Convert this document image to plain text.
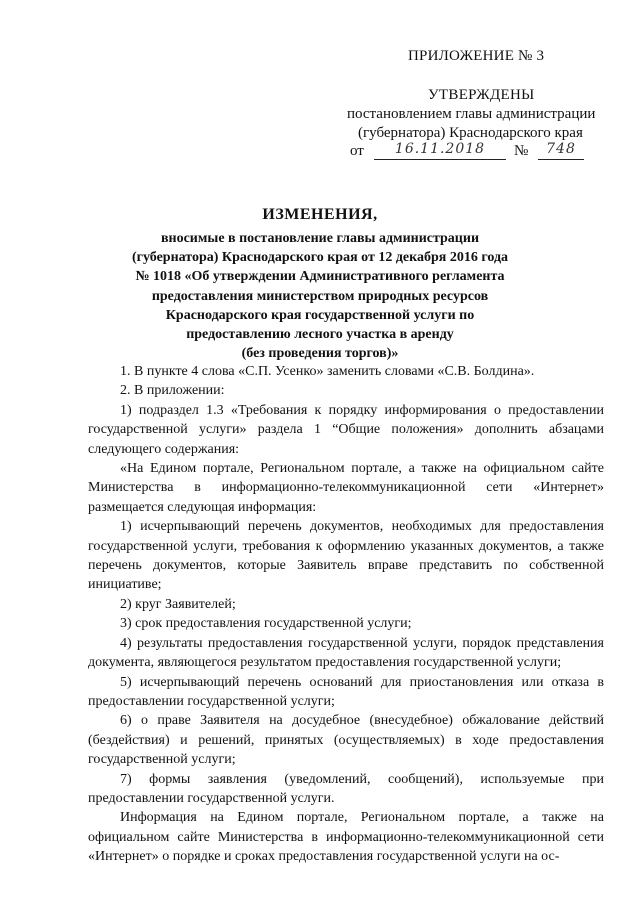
ПРИЛОЖЕНИЕ № 3
УТВЕРЖДЕНЫ
постановлением главы администрации
(губернатора) Краснодарского края
от	16.11.2018	№	748
ИЗМЕНЕНИЯ,
вносимые в постановление главы администрации
(губернатора) Краснодарского края от 12 декабря 2016 года
№ 1018 «Об утверждении Административного регламента
предоставления министерством природных ресурсов
Краснодарского края государственной услуги по
предоставлению лесного участка в аренду
(без проведения торгов)»

1. В пункте 4 слова «С.П. Усенко» заменить словами «С.В. Болдина».

2. В приложении:

1) подраздел 1.3 «Требования к порядку информирования о предоставлении государственной услуги» раздела 1 “Общие положения» дополнить абзацами следующего содержания:

«На Едином портале, Региональном портале, а также на официальном сайте Министерства в информационно-телекоммуникационной сети «Интернет» размещается следующая информация:

1) исчерпывающий перечень документов, необходимых для предоставления государственной услуги, требования к оформлению указанных документов, а также перечень документов, которые Заявитель вправе представить по собственной инициативе;

2) круг Заявителей;

3) срок предоставления государственной услуги;

4) результаты предоставления государственной услуги, порядок представления документа, являющегося результатом предоставления государственной услуги;

5) исчерпывающий перечень оснований для приостановления или отказа в предоставлении государственной услуги;

6) о праве Заявителя на досудебное (внесудебное) обжалование действий (бездействия) и решений, принятых (осуществляемых) в ходе предоставления государственной услуги;

7) формы заявления (уведомлений, сообщений), используемые при предоставлении государственной услуги.

Информация на Едином портале, Региональном портале, а также на официальном сайте Министерства в информационно-телекоммуникационной сети «Интернет» о порядке и сроках предоставления государственной услуги на ос-
